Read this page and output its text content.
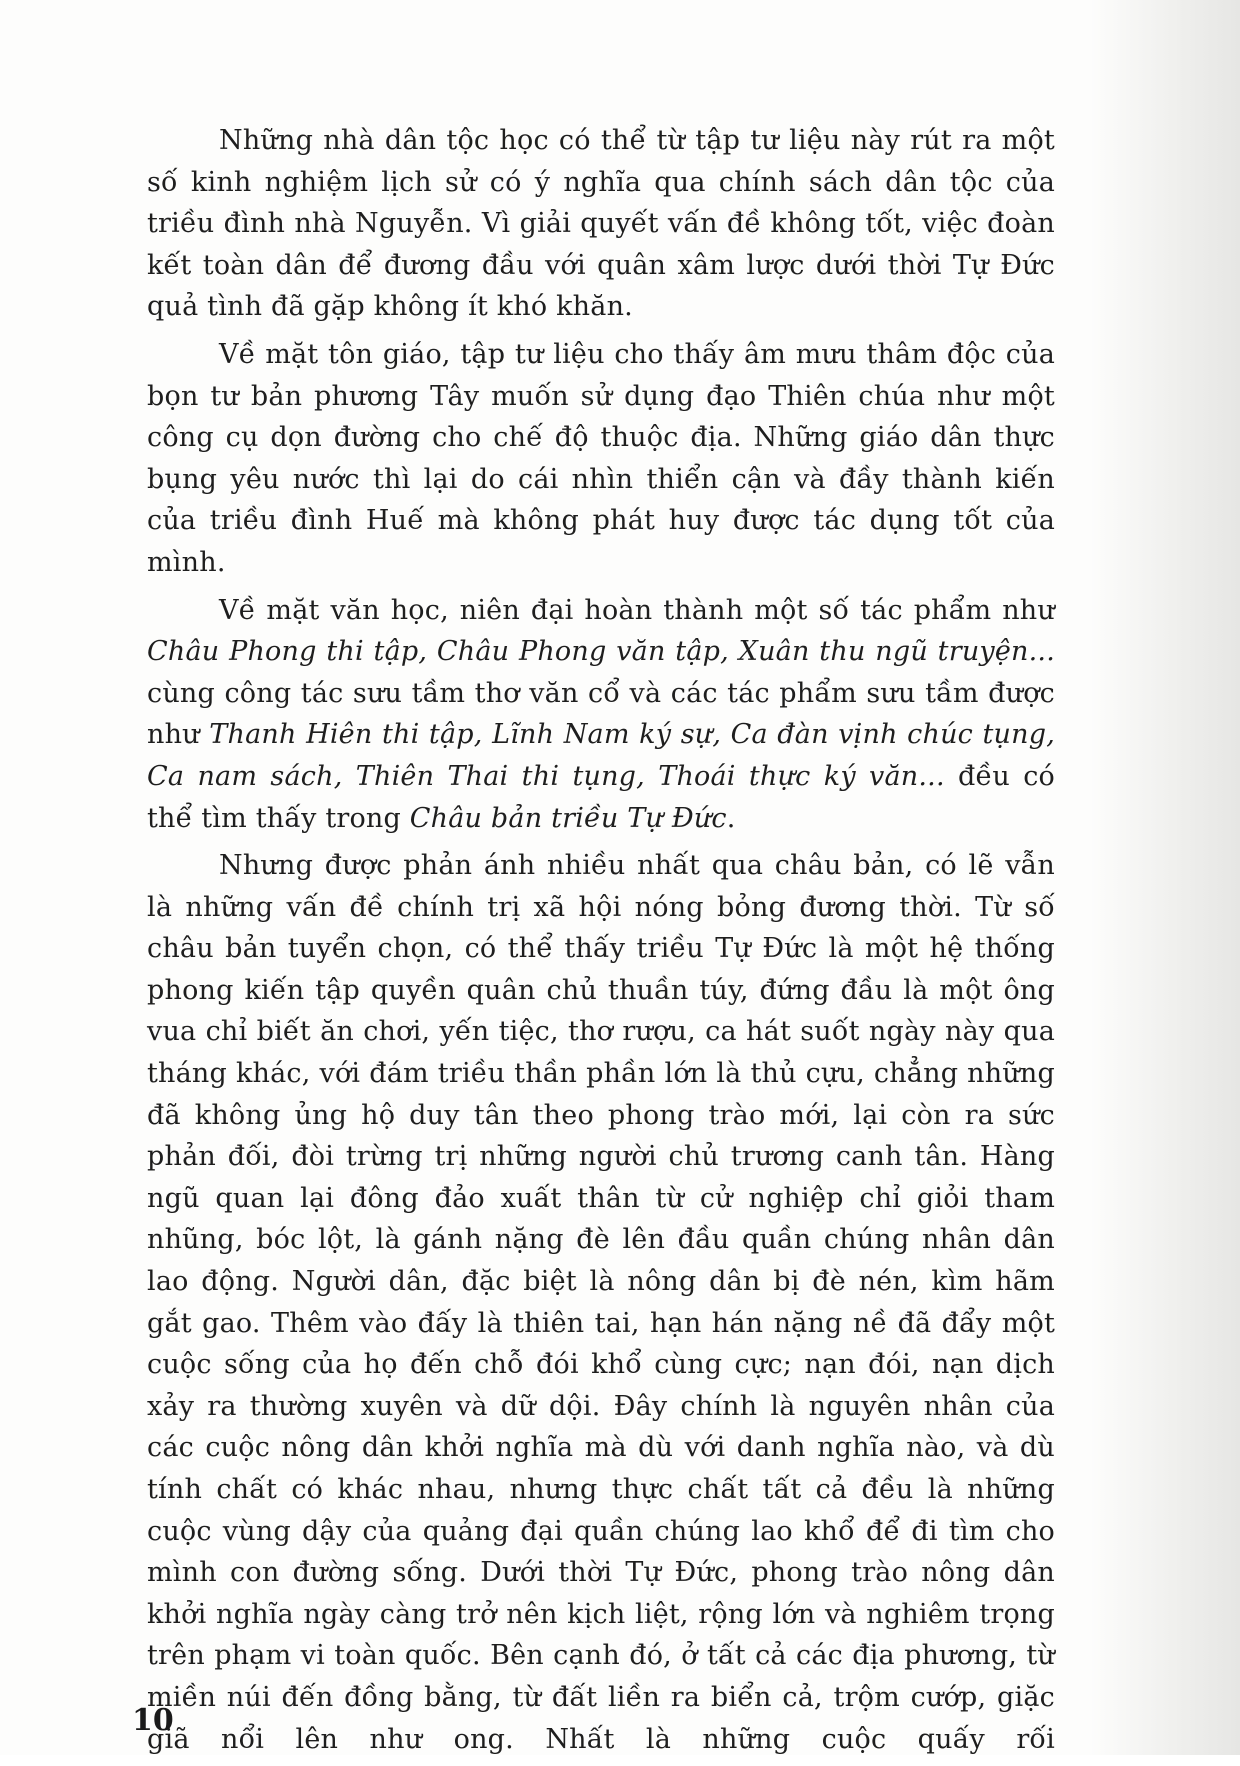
Những nhà dân tộc học có thể từ tập tư liệu này rút ra một số kinh nghiệm lịch sử có ý nghĩa qua chính sách dân tộc của triều đình nhà Nguyễn. Vì giải quyết vấn đề không tốt, việc đoàn kết toàn dân để đương đầu với quân xâm lược dưới thời Tự Đức quả tình đã gặp không ít khó khăn.

Về mặt tôn giáo, tập tư liệu cho thấy âm mưu thâm độc của bọn tư bản phương Tây muốn sử dụng đạo Thiên chúa như một công cụ dọn đường cho chế độ thuộc địa. Những giáo dân thực bụng yêu nước thì lại do cái nhìn thiển cận và đầy thành kiến của triều đình Huế mà không phát huy được tác dụng tốt của mình.

Về mặt văn học, niên đại hoàn thành một số tác phẩm như Châu Phong thi tập, Châu Phong văn tập, Xuân thu ngũ truyện... cùng công tác sưu tầm thơ văn cổ và các tác phẩm sưu tầm được như Thanh Hiên thi tập, Lĩnh Nam ký sự, Ca đàn vịnh chúc tụng, Ca nam sách, Thiên Thai thi tụng, Thoái thực ký văn... đều có thể tìm thấy trong Châu bản triều Tự Đức.

Nhưng được phản ánh nhiều nhất qua châu bản, có lẽ vẫn là những vấn đề chính trị xã hội nóng bỏng đương thời. Từ số châu bản tuyển chọn, có thể thấy triều Tự Đức là một hệ thống phong kiến tập quyền quân chủ thuần túy, đứng đầu là một ông vua chỉ biết ăn chơi, yến tiệc, thơ rượu, ca hát suốt ngày này qua tháng khác, với đám triều thần phần lớn là thủ cựu, chẳng những đã không ủng hộ duy tân theo phong trào mới, lại còn ra sức phản đối, đòi trừng trị những người chủ trương canh tân. Hàng ngũ quan lại đông đảo xuất thân từ cử nghiệp chỉ giỏi tham nhũng, bóc lột, là gánh nặng đè lên đầu quần chúng nhân dân lao động. Người dân, đặc biệt là nông dân bị đè nén, kìm hãm gắt gao. Thêm vào đấy là thiên tai, hạn hán nặng nề đã đẩy một cuộc sống của họ đến chỗ đói khổ cùng cực; nạn đói, nạn dịch xảy ra thường xuyên và dữ dội. Đây chính là nguyên nhân của các cuộc nông dân khởi nghĩa mà dù với danh nghĩa nào, và dù tính chất có khác nhau, nhưng thực chất tất cả đều là những cuộc vùng dậy của quảng đại quần chúng lao khổ để đi tìm cho mình con đường sống. Dưới thời Tự Đức, phong trào nông dân khởi nghĩa ngày càng trở nên kịch liệt, rộng lớn và nghiêm trọng trên phạm vi toàn quốc. Bên cạnh đó, ở tất cả các địa phương, từ miền núi đến đồng bằng, từ đất liền ra biển cả, trộm cướp, giặc giã nổi lên như ong. Nhất là những cuộc quấy rối

10
